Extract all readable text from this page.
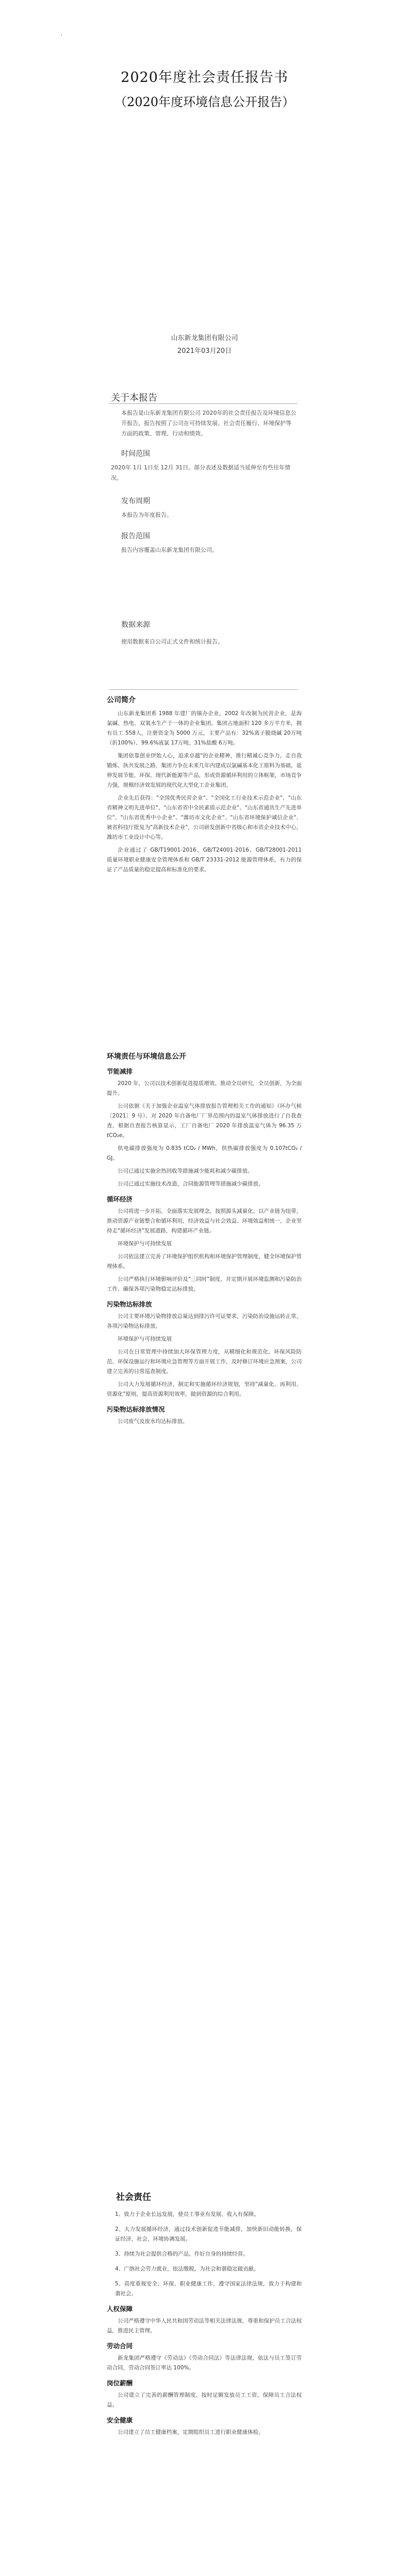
'
2020年度社会责任报告书
（2020年度环境信息公开报告）
山东新龙集团有限公司
2021年03月20日
关于本报告
本报告是山东新龙集团有限公司 2020年的社会责任报告及环境信息公开报告，报告按照了公司在可持续发展、社会责任履行、环境保护等方面的政策、管理、行动和绩效。
时间范围
2020年 1月 1日至 12月 31日。部分表述及数据适当延伸至有些往年情况。
发布周期
本报告为年度报告。
报告范围
报告内容覆盖山东新龙集团有限公司。
数据来源
使用数据来自公司正式文件和统计报告。
公司简介

山东新龙集团系 1988 年建厂的镇办企业，2002 年改制为民营企业，是海氯碱、热电、双氧水生产于一体的企业集团。集团占地面积 120 多万平方米，拥有员工 558人，注册资金为 5000 万元，主要产品有：32%离子膜烧碱 20万吨（折100%）、99.6%液氯 17万吨、31%盐酸 6万吨。

集团依靠创业伊始人心，追求卓越"的企业精神，推行精诚心竞争力，走自我锻炼、执共发展之路，集团力争在未来几年内建成以氯碱基本化工原料为基础，延伸发展节能、环保、现代新能源等产品，形成资源循环利用的立体框架，市场竞争力强，规模经济效发展的现代化大型化工企业集团。

企业先后获得："全国优秀民营企业"、"全国化工行业技术示范企业"、"山东省精神文明先进单位"、"山东省省中全民素质示范企业"、"山东省通讯生产先进单位"、"山东省优秀中小企业"、"潍坊市文化企业"、"山东省环境保护诚信企业"、被省科技厅批复为"高新技术企业"，公司研发创新中省级心和市省企业技术中心，潍坊市工业设计中心等。

企业通过了 GB/T19001-2016、GB/T24001-2016、GB/T28001-2011 质量环境职业健康安全管理体系和 GB/T 23331-2012 能源管理体系，有力的保证了产品质量的稳定提高和标准化的要求。

环境责任与环境信息公开
节能减排

2020 年，公司以技术创新促进提质增效、推动全员研究，全员创新，为全面提升。

公司依据《关于加强企业温室气体排放报告管理相关工作的通知》（环办气候〔2021〕9 号），对 2020 年自备电厂厂界范围内的温室气体排放进行了自我查查，根据自查报告核算显示，工厂自备电厂 2020 年排放温室气体为 96.35 万tCO₂e。

供电碳排放强度为 0.835 tCO₂ / MWh，供热碳排放强度为 0.107tCO₂ / GJ。

公司已通过实施余热回收等措施减少能耗和减少碳排放。

公司已通过实施技术改造，合同能源管理等措施减少碳排放。

循环经济

公司将进一步开拓，全面落实发展理念，按照源头减量化、以产业链为纽带，推动资源产业链整合和循环利用，经济效益与社会效益、环境效益相统一，企业坚持走"循环经济"发展道路，构建循环产业链。

环境保护与可持续发展

公司依法建立完善了环境保护组织机构和环境保护管理制度，健全环境保护管理体系。

公司严格执行环境影响评价及"三同时"制度，并定期开展环境监测和污染防治工作，确保各项污染物稳定达标排放。

污染物达标排放

公司主要环境污染物排放总量达到排污许可证要求，污染防治设施运转正常，各项污染物达标排放。

环境保护与可持续发展

公司在日常管理中持续加大环保管理力度，从精细化和规范化、环保风险防范、环保设施运行和环境应急管理等方面开展工作，及时修订环境应急预案，公司建立完善的日常巡查制度。

公司大力发展循环经济，制定和实施循环经济规划，坚持"减量化、再利用、资源化"原则，提高资源利用效率，做到资源的综合利用。

污染物达标排放情况

公司废气及废水均达标排放。

社会责任
1、致力于企业长远发展，使员工事业有发展、收入有保障。
2、大力发展循环经济，通过技术创新促进节能减排，加快新旧动能转换，保证经济、社会、环境协调发展。
3、持续为社会提供合格的产品，作好自身的持续经营。
4、广纳社会劳力就业，依法缴税，为社会和谐稳定做贡献。
5、高度重视安全、环保、职业健康工作，遵守国家法律法规，致力于构建和谐社会。
人权保障

公司严格遵守中华人民共和国劳动法等相关法律法规，尊重和保护员工合法权益，推进民主管理。

劳动合同

新龙集团严格遵守《劳动法》《劳动合同法》等法律法规，依法与员工签订劳动合同，劳动合同签订率达 100%。

岗位薪酬

公司建立了完善的薪酬管理制度，按时足额发放员工工资，保障员工合法权益。

安全健康

公司建立了员工健康档案，定期组织员工进行职业健康体检。
